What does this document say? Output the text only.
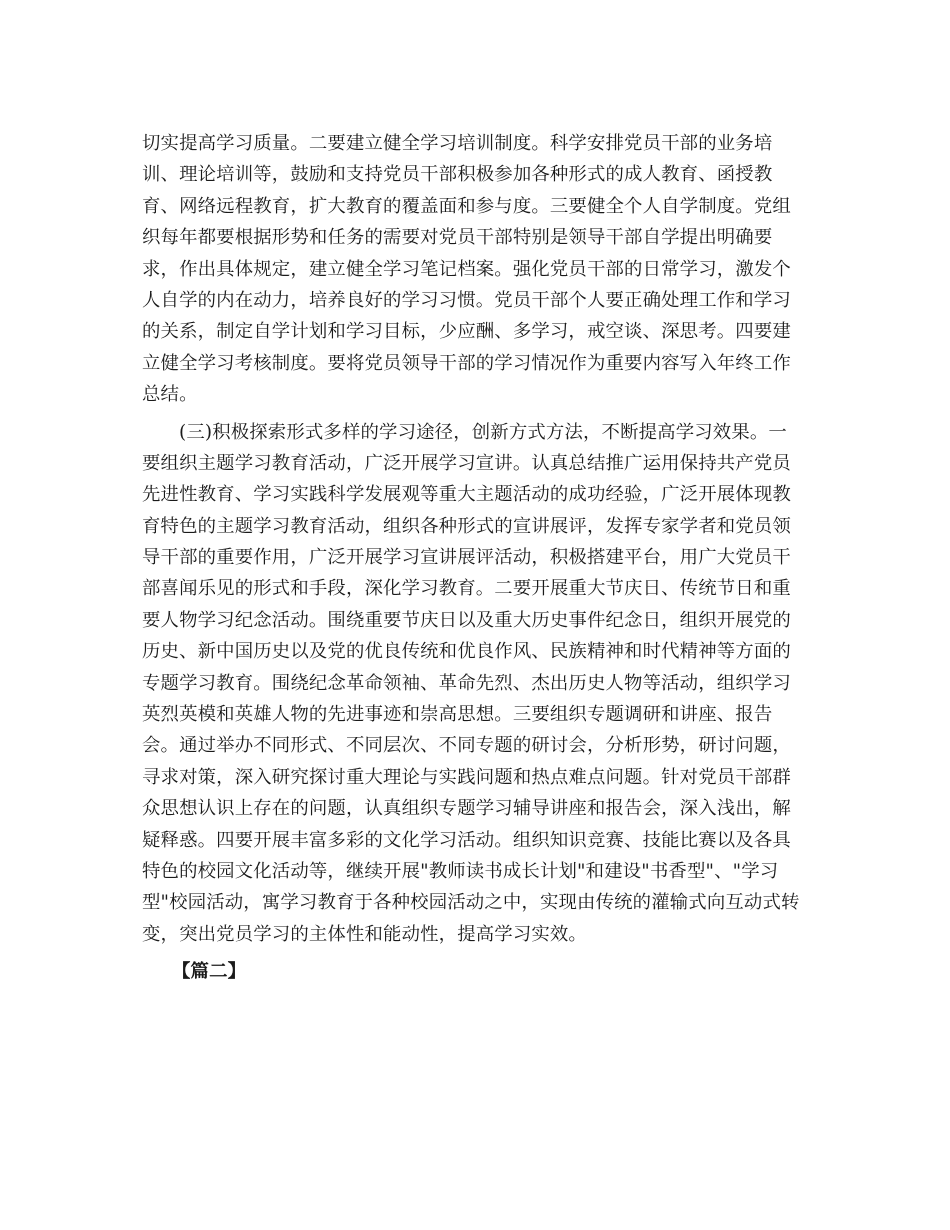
切实提高学习质量。二要建立健全学习培训制度。科学安排党员干部的业务培
训、理论培训等，鼓励和支持党员干部积极参加各种形式的成人教育、函授教
育、网络远程教育，扩大教育的覆盖面和参与度。三要健全个人自学制度。党组
织每年都要根据形势和任务的需要对党员干部特别是领导干部自学提出明确要
求，作出具体规定，建立健全学习笔记档案。强化党员干部的日常学习，激发个
人自学的内在动力，培养良好的学习习惯。党员干部个人要正确处理工作和学习
的关系，制定自学计划和学习目标，少应酬、多学习，戒空谈、深思考。四要建
立健全学习考核制度。要将党员领导干部的学习情况作为重要内容写入年终工作
总结。
(三)积极探索形式多样的学习途径，创新方式方法，不断提高学习效果。一
要组织主题学习教育活动，广泛开展学习宣讲。认真总结推广运用保持共产党员
先进性教育、学习实践科学发展观等重大主题活动的成功经验，广泛开展体现教
育特色的主题学习教育活动，组织各种形式的宣讲展评，发挥专家学者和党员领
导干部的重要作用，广泛开展学习宣讲展评活动，积极搭建平台，用广大党员干
部喜闻乐见的形式和手段，深化学习教育。二要开展重大节庆日、传统节日和重
要人物学习纪念活动。围绕重要节庆日以及重大历史事件纪念日，组织开展党的
历史、新中国历史以及党的优良传统和优良作风、民族精神和时代精神等方面的
专题学习教育。围绕纪念革命领袖、革命先烈、杰出历史人物等活动，组织学习
英烈英模和英雄人物的先进事迹和崇高思想。三要组织专题调研和讲座、报告
会。通过举办不同形式、不同层次、不同专题的研讨会，分析形势，研讨问题，
寻求对策，深入研究探讨重大理论与实践问题和热点难点问题。针对党员干部群
众思想认识上存在的问题，认真组织专题学习辅导讲座和报告会，深入浅出，解
疑释惑。四要开展丰富多彩的文化学习活动。组织知识竞赛、技能比赛以及各具
特色的校园文化活动等，继续开展"教师读书成长计划"和建设"书香型"、"学习
型"校园活动，寓学习教育于各种校园活动之中，实现由传统的灌输式向互动式转
变，突出党员学习的主体性和能动性，提高学习实效。
【篇二】
